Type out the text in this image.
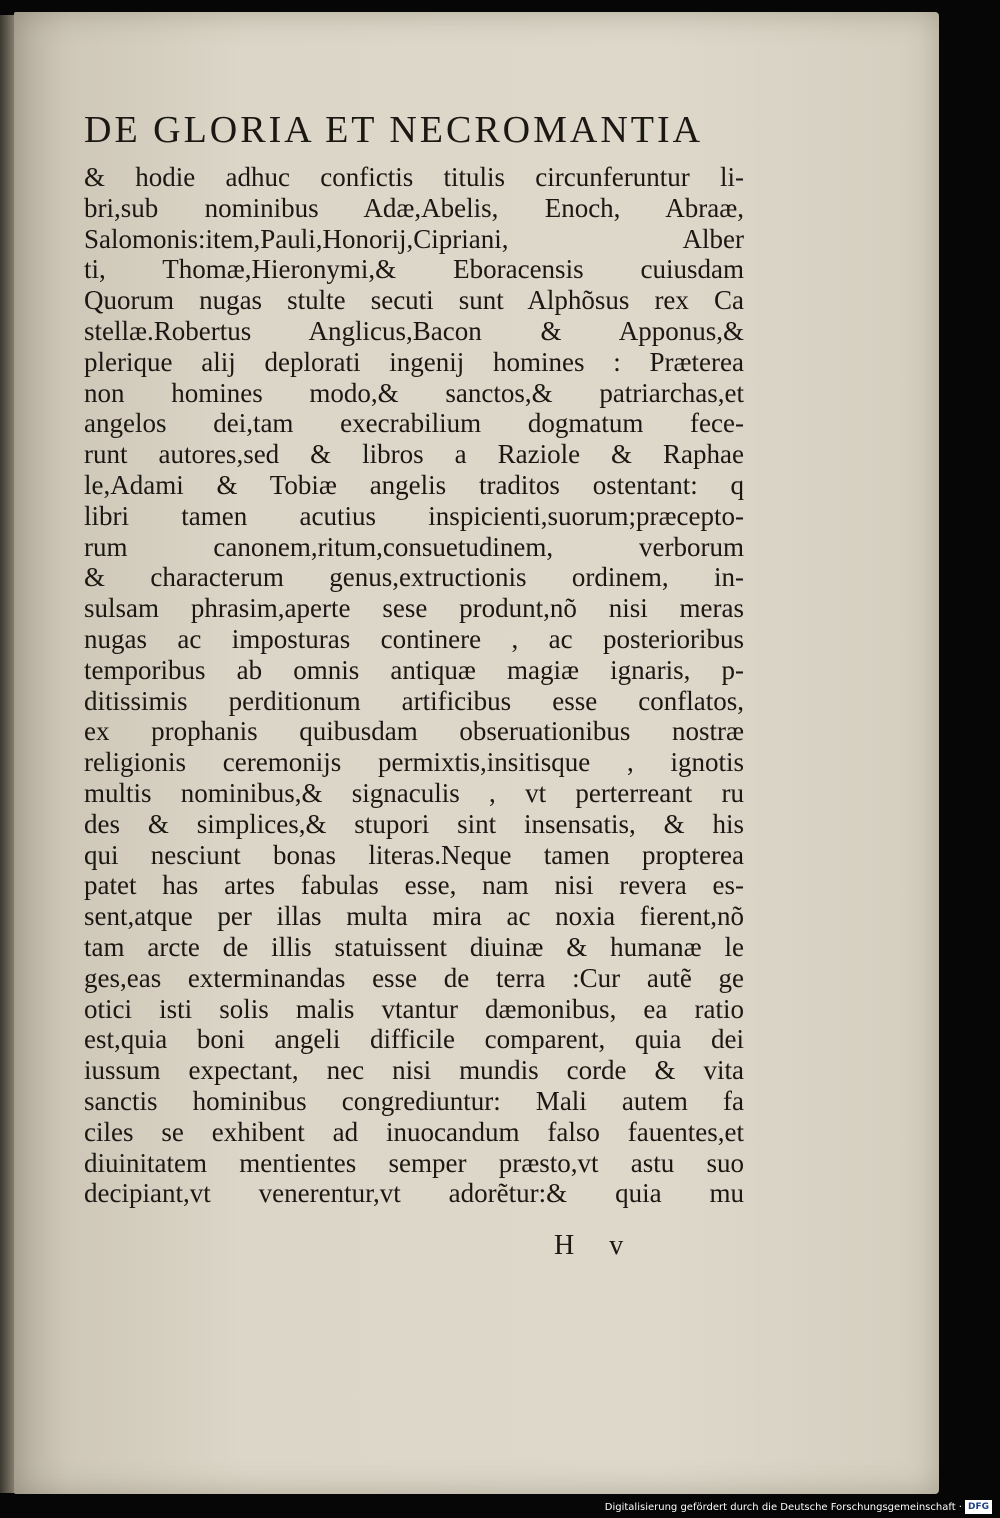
DE GLORIA ET NECROMANTIA
& hodie adhuc confictis titulis circunferuntur li-
bri,sub nominibus Adæ,Abelis, Enoch, Abraæ,
Salomonis:item,Pauli,Honorij,Cipriani, Alber
ti, Thomæ,Hieronymi,& Eboracensis cuiusdam
Quorum nugas stulte secuti sunt Alphõsus rex Ca
stellæ.Robertus Anglicus,Bacon & Apponus,&
plerique alij deplorati ingenij homines : Præterea
non homines modo,& sanctos,& patriarchas,et
angelos dei,tam execrabilium dogmatum fece-
runt autores,sed & libros a Raziole & Raphae
le,Adami & Tobiæ angelis traditos ostentant: q
libri tamen acutius inspicienti,suorum;præcepto-
rum canonem,ritum,consuetudinem, verborum
& characterum genus,extructionis ordinem, in-
sulsam phrasim,aperte sese produnt,nõ nisi meras
nugas ac imposturas continere , ac posterioribus
temporibus ab omnis antiquæ magiæ ignaris, p-
ditissimis perditionum artificibus esse conflatos,
ex prophanis quibusdam obseruationibus nostræ
religionis ceremonijs permixtis,insitisque , ignotis
multis nominibus,& signaculis , vt perterreant ru
des & simplices,& stupori sint insensatis, & his
qui nesciunt bonas literas.Neque tamen propterea
patet has artes fabulas esse, nam nisi revera es-
sent,atque per illas multa mira ac noxia fierent,nõ
tam arcte de illis statuissent diuinæ & humanæ le
ges,eas exterminandas esse de terra :Cur autẽ ge
otici isti solis malis vtantur dæmonibus, ea ratio
est,quia boni angeli difficile comparent, quia dei
iussum expectant, nec nisi mundis corde & vita
sanctis hominibus congrediuntur: Mali autem fa
ciles se exhibent ad inuocandum falso fauentes,et
diuinitatem mentientes semper præsto,vt astu suo
decipiant,vt venerentur,vt adorẽtur:& quia mu
H v
Digitalisierung gefördert durch die Deutsche Forschungsgemeinschaft · DFG
